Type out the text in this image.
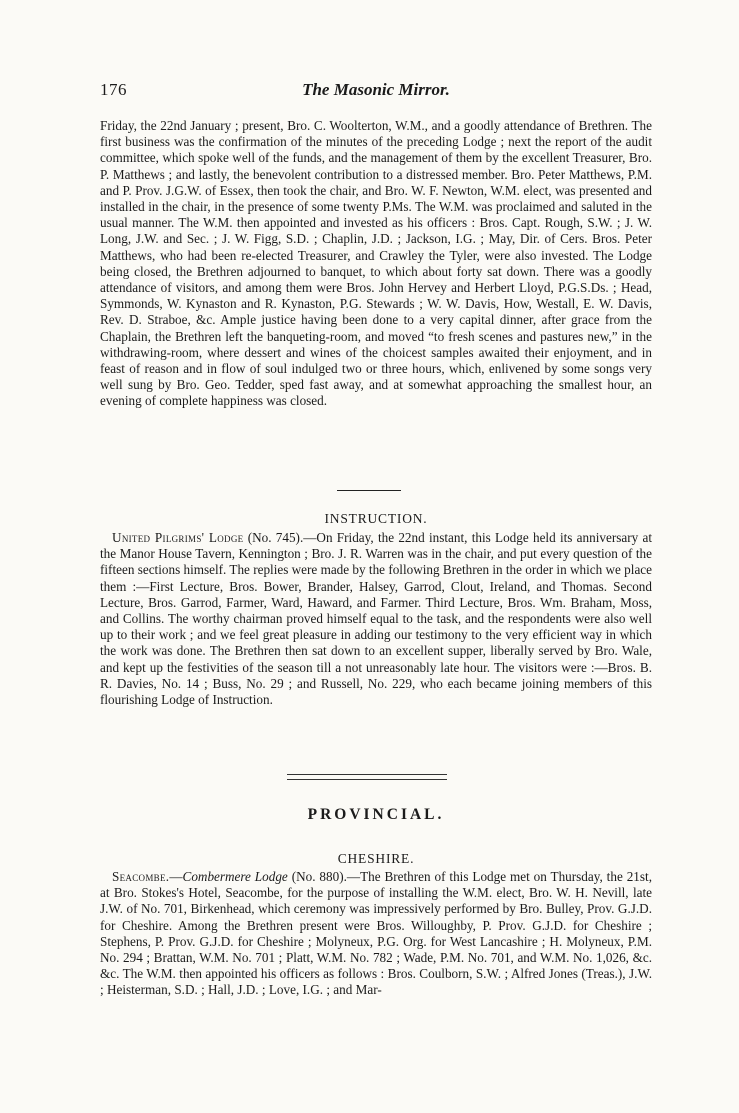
176	The Masonic Mirror.

Friday, the 22nd January ; present, Bro. C. Woolterton, W.M., and a goodly attendance of Brethren. The first business was the confirmation of the minutes of the preceding Lodge ; next the report of the audit committee, which spoke well of the funds, and the management of them by the excellent Treasurer, Bro. P. Matthews ; and lastly, the benevolent contribution to a distressed member. Bro. Peter Matthews, P.M. and P. Prov. J.G.W. of Essex, then took the chair, and Bro. W. F. Newton, W.M. elect, was presented and installed in the chair, in the presence of some twenty P.Ms. The W.M. was proclaimed and saluted in the usual manner. The W.M. then appointed and invested as his officers : Bros. Capt. Rough, S.W. ; J. W. Long, J.W. and Sec. ; J. W. Figg, S.D. ; Chaplin, J.D. ; Jackson, I.G. ; May, Dir. of Cers. Bros. Peter Matthews, who had been re-elected Treasurer, and Crawley the Tyler, were also invested. The Lodge being closed, the Brethren adjourned to banquet, to which about forty sat down. There was a goodly attendance of visitors, and among them were Bros. John Hervey and Herbert Lloyd, P.G.S.Ds. ; Head, Symmonds, W. Kynaston and R. Kynaston, P.G. Stewards ; W. W. Davis, How, Westall, E. W. Davis, Rev. D. Straboe, &c. Ample justice having been done to a very capital dinner, after grace from the Chaplain, the Brethren left the banqueting-room, and moved “to fresh scenes and pastures new,” in the withdrawing-room, where dessert and wines of the choicest samples awaited their enjoyment, and in feast of reason and in flow of soul indulged two or three hours, which, enlivened by some songs very well sung by Bro. Geo. Tedder, sped fast away, and at somewhat approaching the smallest hour, an evening of complete happiness was closed.

INSTRUCTION.

United Pilgrims' Lodge (No. 745).—On Friday, the 22nd instant, this Lodge held its anniversary at the Manor House Tavern, Kennington ; Bro. J. R. Warren was in the chair, and put every question of the fifteen sections himself. The replies were made by the following Brethren in the order in which we place them :—First Lecture, Bros. Bower, Brander, Halsey, Garrod, Clout, Ireland, and Thomas. Second Lecture, Bros. Garrod, Farmer, Ward, Haward, and Farmer. Third Lecture, Bros. Wm. Braham, Moss, and Collins. The worthy chairman proved himself equal to the task, and the respondents were also well up to their work ; and we feel great pleasure in adding our testimony to the very efficient way in which the work was done. The Brethren then sat down to an excellent supper, liberally served by Bro. Wale, and kept up the festivities of the season till a not unreasonably late hour. The visitors were :—Bros. B. R. Davies, No. 14 ; Buss, No. 29 ; and Russell, No. 229, who each became joining members of this flourishing Lodge of Instruction.

PROVINCIAL.
CHESHIRE.

Seacombe.—Combermere Lodge (No. 880).—The Brethren of this Lodge met on Thursday, the 21st, at Bro. Stokes's Hotel, Seacombe, for the purpose of installing the W.M. elect, Bro. W. H. Nevill, late J.W. of No. 701, Birkenhead, which ceremony was impressively performed by Bro. Bulley, Prov. G.J.D. for Cheshire. Among the Brethren present were Bros. Willoughby, P. Prov. G.J.D. for Cheshire ; Stephens, P. Prov. G.J.D. for Cheshire ; Molyneux, P.G. Org. for West Lancashire ; H. Molyneux, P.M. No. 294 ; Brattan, W.M. No. 701 ; Platt, W.M. No. 782 ; Wade, P.M. No. 701, and W.M. No. 1,026, &c. &c. The W.M. then appointed his officers as follows : Bros. Coulborn, S.W. ; Alfred Jones (Treas.), J.W. ; Heisterman, S.D. ; Hall, J.D. ; Love, I.G. ; and Mar-
